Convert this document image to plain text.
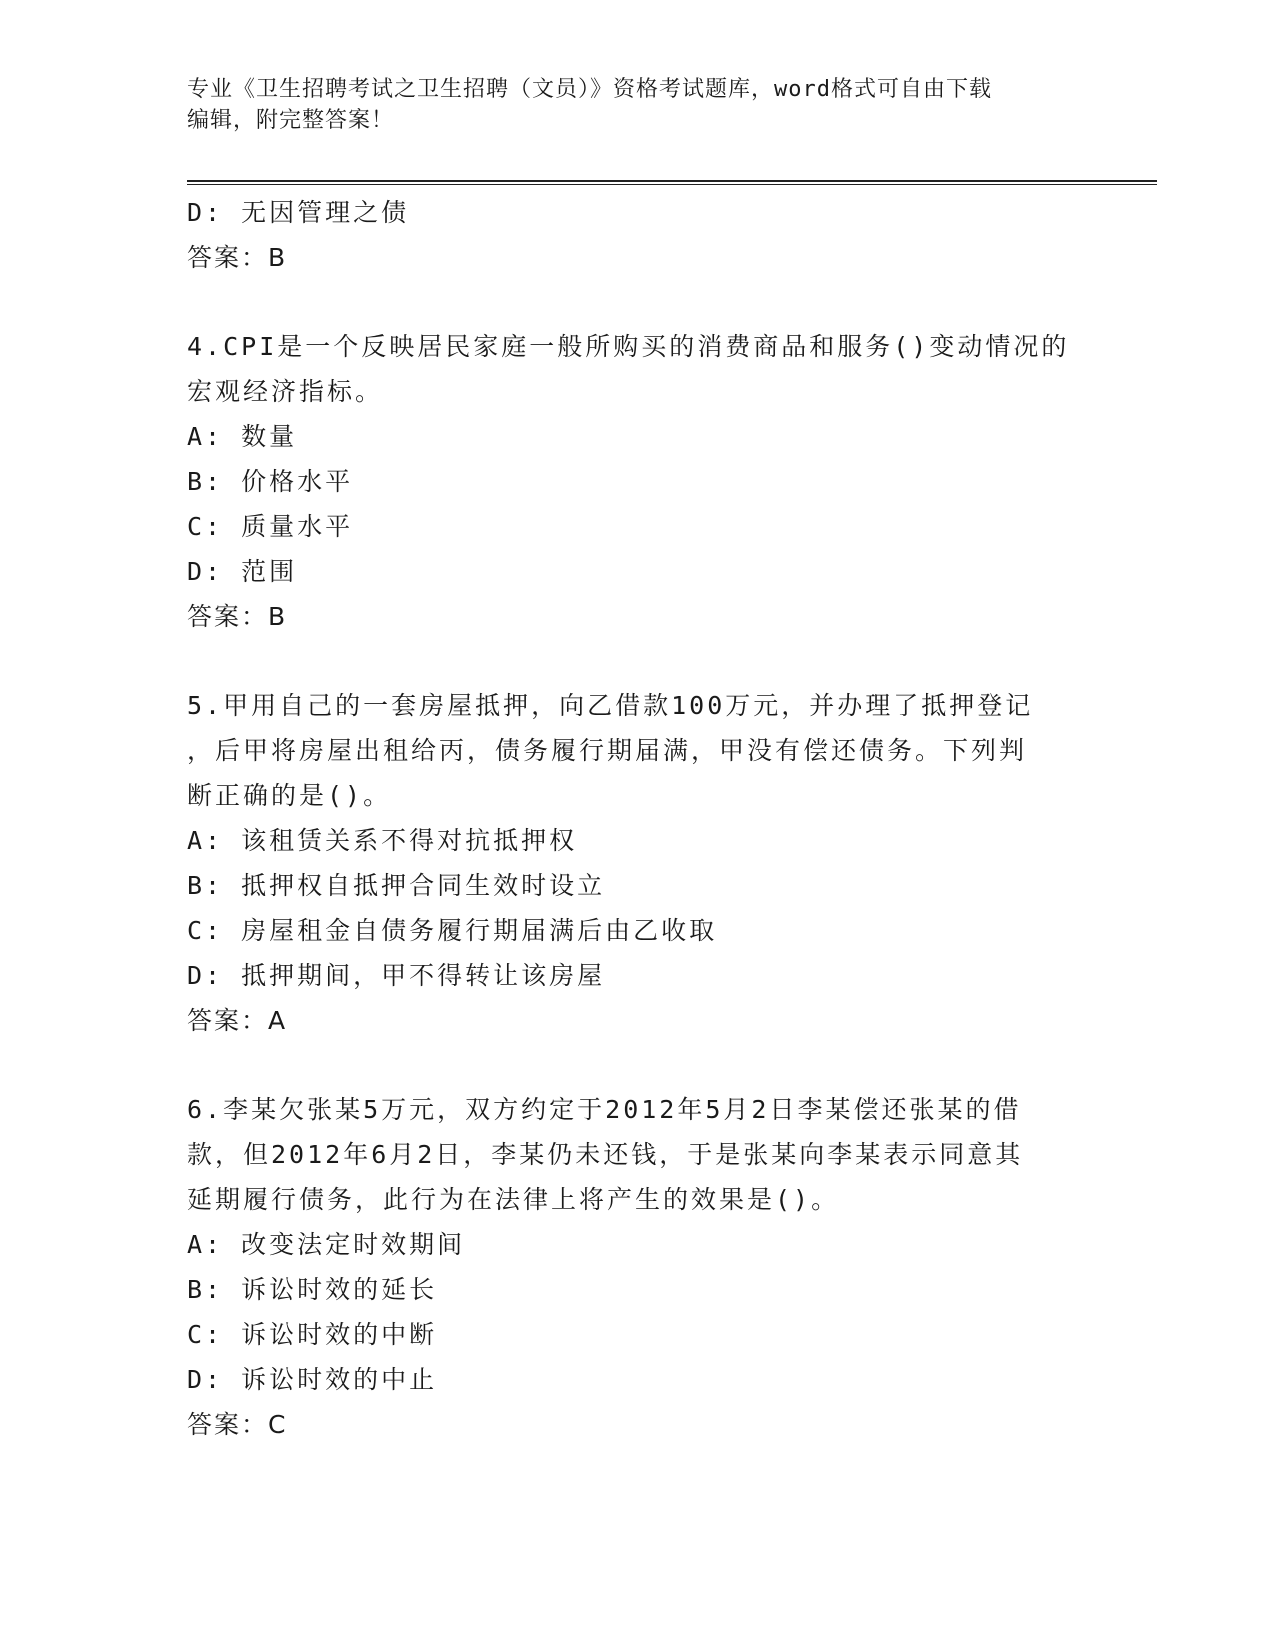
专业《卫生招聘考试之卫生招聘（文员）》资格考试题库，word格式可自由下载
编辑，附完整答案！
D: 无因管理之债
答案：B
4.CPI是一个反映居民家庭一般所购买的消费商品和服务()变动情况的
宏观经济指标。
A: 数量
B: 价格水平
C: 质量水平
D: 范围
答案：B
5.甲用自己的一套房屋抵押，向乙借款100万元，并办理了抵押登记
，后甲将房屋出租给丙，债务履行期届满，甲没有偿还债务。下列判
断正确的是()。
A: 该租赁关系不得对抗抵押权
B: 抵押权自抵押合同生效时设立
C: 房屋租金自债务履行期届满后由乙收取
D: 抵押期间，甲不得转让该房屋
答案：A
6.李某欠张某5万元，双方约定于2012年5月2日李某偿还张某的借
款，但2012年6月2日，李某仍未还钱，于是张某向李某表示同意其
延期履行债务，此行为在法律上将产生的效果是()。
A: 改变法定时效期间
B: 诉讼时效的延长
C: 诉讼时效的中断
D: 诉讼时效的中止
答案：C
